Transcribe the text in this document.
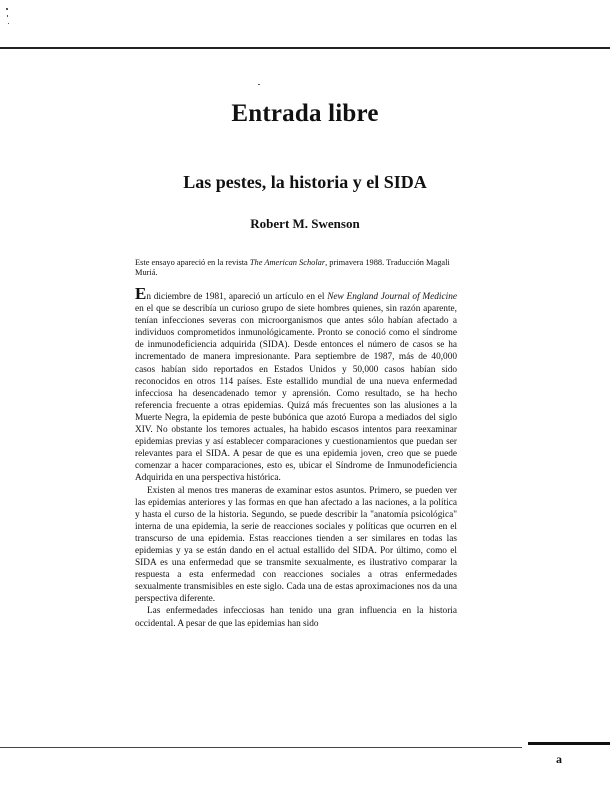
Entrada libre
Las pestes, la historia y el SIDA
Robert M. Swenson
Este ensayo apareció en la revista The American Scholar, primavera 1988. Traducción Magali Muriá.

En diciembre de 1981, apareció un artículo en el New England Journal of Medicine en el que se describía un curioso grupo de siete hombres quienes, sin razón aparente, tenían infecciones severas con microorganismos que antes sólo habían afectado a individuos comprometidos inmunológicamente. Pronto se conoció como el síndrome de inmunodeficiencia adquirida (SIDA). Desde entonces el número de casos se ha incrementado de manera impresionante. Para septiembre de 1987, más de 40,000 casos habían sido reportados en Estados Unidos y 50,000 casos habían sido reconocidos en otros 114 países. Este estallido mundial de una nueva enfermedad infecciosa ha desencadenado temor y aprensión. Como resultado, se ha hecho referencia frecuente a otras epidemias. Quizá más frecuentes son las alusiones a la Muerte Negra, la epidemia de peste bubónica que azotó Europa a mediados del siglo XIV. No obstante los temores actuales, ha habido escasos intentos para reexaminar epidemias previas y así establecer comparaciones y cuestionamientos que puedan ser relevantes para el SIDA. A pesar de que es una epidemia joven, creo que se puede comenzar a hacer comparaciones, esto es, ubicar el Síndrome de Inmunodeficiencia Adquirida en una perspectiva histórica.

Existen al menos tres maneras de examinar estos asuntos. Primero, se pueden ver las epidemias anteriores y las formas en que han afectado a las naciones, a la política y hasta el curso de la historia. Segundo, se puede describir la "anatomía psicológica" interna de una epidemia, la serie de reacciones sociales y políticas que ocurren en el transcurso de una epidemia. Estas reacciones tienden a ser similares en todas las epidemias y ya se están dando en el actual estallido del SIDA. Por último, como el SIDA es una enfermedad que se transmite sexualmente, es ilustrativo comparar la respuesta a esta enfermedad con reacciones sociales a otras enfermedades sexualmente transmisibles en este siglo. Cada una de estas aproximaciones nos da una perspectiva diferente.

Las enfermedades infecciosas han tenido una gran influencia en la historia occidental. A pesar de que las epidemias han sido

a
